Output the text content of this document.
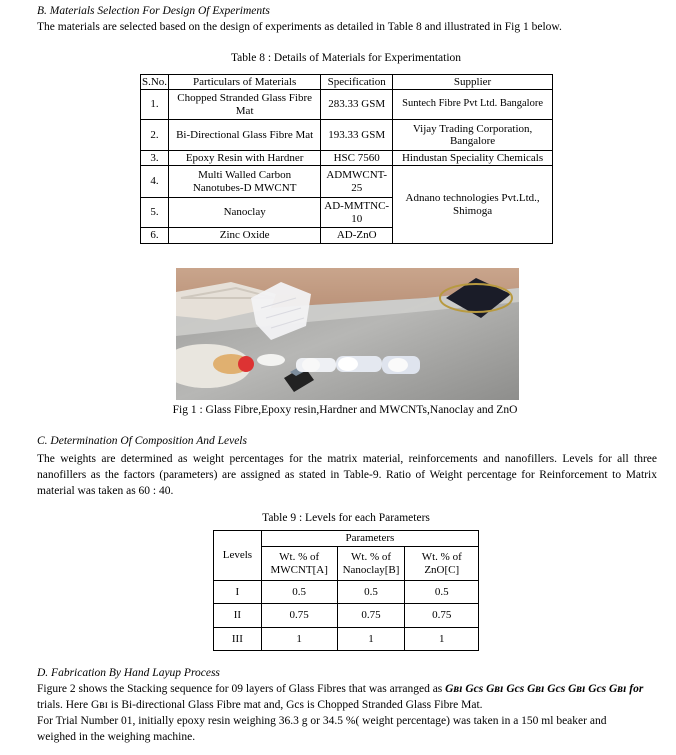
B. Materials Selection For Design Of Experiments
The materials are selected based on the design of experiments as detailed in Table 8 and illustrated in Fig 1 below.
Table 8 : Details of Materials for Experimentation
S.No.	Particulars of Materials	Specification	Supplier
1.	Chopped Stranded Glass Fibre Mat	283.33 GSM	Suntech Fibre Pvt Ltd. Bangalore
2.	Bi-Directional Glass Fibre Mat	193.33 GSM	Vijay Trading Corporation, Bangalore
3.	Epoxy Resin with Hardner	HSC 7560	Hindustan Speciality Chemicals
4.	Multi Walled Carbon Nanotubes-D MWCNT	ADMWCNT-25	Adnano technologies Pvt.Ltd., Shimoga
5.	Nanoclay	AD-MMTNC-10	
6.	Zinc Oxide	AD-ZnO	
Fig 1 : Glass Fibre,Epoxy resin,Hardner and MWCNTs,Nanoclay and ZnO
C. Determination Of Composition And Levels
The weights are determined as weight percentages for the matrix material, reinforcements and nanofillers. Levels for all three nanofillers as the factors (parameters) are assigned as stated in Table-9. Ratio of Weight percentage for Reinforcement to Matrix material was taken as 60 : 40.
Table 9 : Levels for each Parameters
Levels	Parameters		
	Wt. % of MWCNT[A]	Wt. % of Nanoclay[B]	Wt. % of ZnO[C]
I	0.5	0.5	0.5
II	0.75	0.75	0.75
III	1	1	1
D. Fabrication By Hand Layup Process
Figure 2 shows the Stacking sequence for 09 layers of Glass Fibres that was arranged as Gʙɪ Gcs Gʙɪ Gcs Gʙɪ Gcs Gʙɪ Gcs Gʙɪ for
trials. Here Gʙɪ is Bi-directional Glass Fibre mat and, Gcs is Chopped Stranded Glass Fibre Mat.
For Trial Number 01, initially epoxy resin weighing 36.3 g or 34.5 %( weight percentage) was taken in a 150 ml beaker and
weighed in the weighing machine.
